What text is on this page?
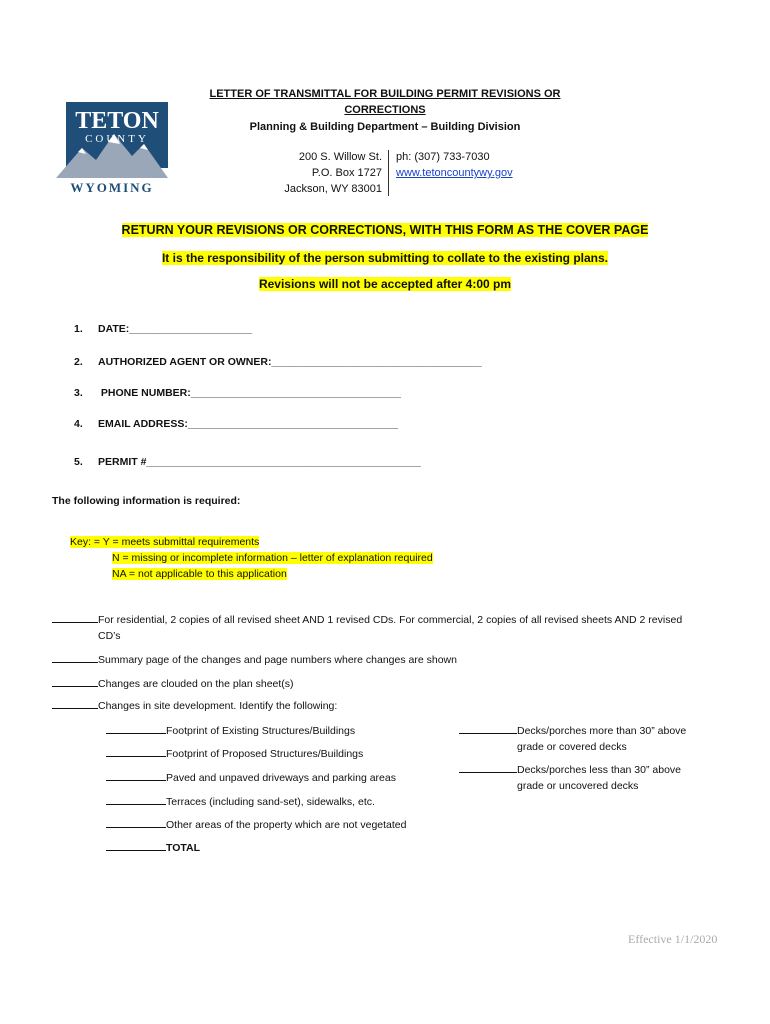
TETON
COUNTY
WYOMING
LETTER OF TRANSMITTAL FOR BUILDING PERMIT REVISIONS OR
CORRECTIONS
Planning & Building Department – Building Division
200 S. Willow St.
P.O. Box 1727
Jackson, WY 83001
ph: (307) 733-7030
www.tetoncountywy.gov
RETURN YOUR REVISIONS OR CORRECTIONS, WITH THIS FORM AS THE COVER PAGE
It is the responsibility of the person submitting to collate to the existing plans.
Revisions will not be accepted after 4:00 pm
1. DATE:_____________________
2. AUTHORIZED AGENT OR OWNER:____________________________________
3. PHONE NUMBER:____________________________________
4. EMAIL ADDRESS:____________________________________
5. PERMIT #_______________________________________________
The following information is required:
Key: = Y = meets submittal requirements
N = missing or incomplete information – letter of explanation required
NA = not applicable to this application
For residential, 2 copies of all revised sheet AND 1 revised CDs. For commercial, 2 copies of all revised sheets AND 2 revised
CD’s
Summary page of the changes and page numbers where changes are shown
Changes are clouded on the plan sheet(s)
Changes in site development. Identify the following:
Footprint of Existing Structures/Buildings
Footprint of Proposed Structures/Buildings
Paved and unpaved driveways and parking areas
Terraces (including sand-set), sidewalks, etc.
Other areas of the property which are not vegetated
TOTAL
Decks/porches more than 30” above
grade or covered decks
Decks/porches less than 30” above
grade or uncovered decks
Effective 1/1/2020
